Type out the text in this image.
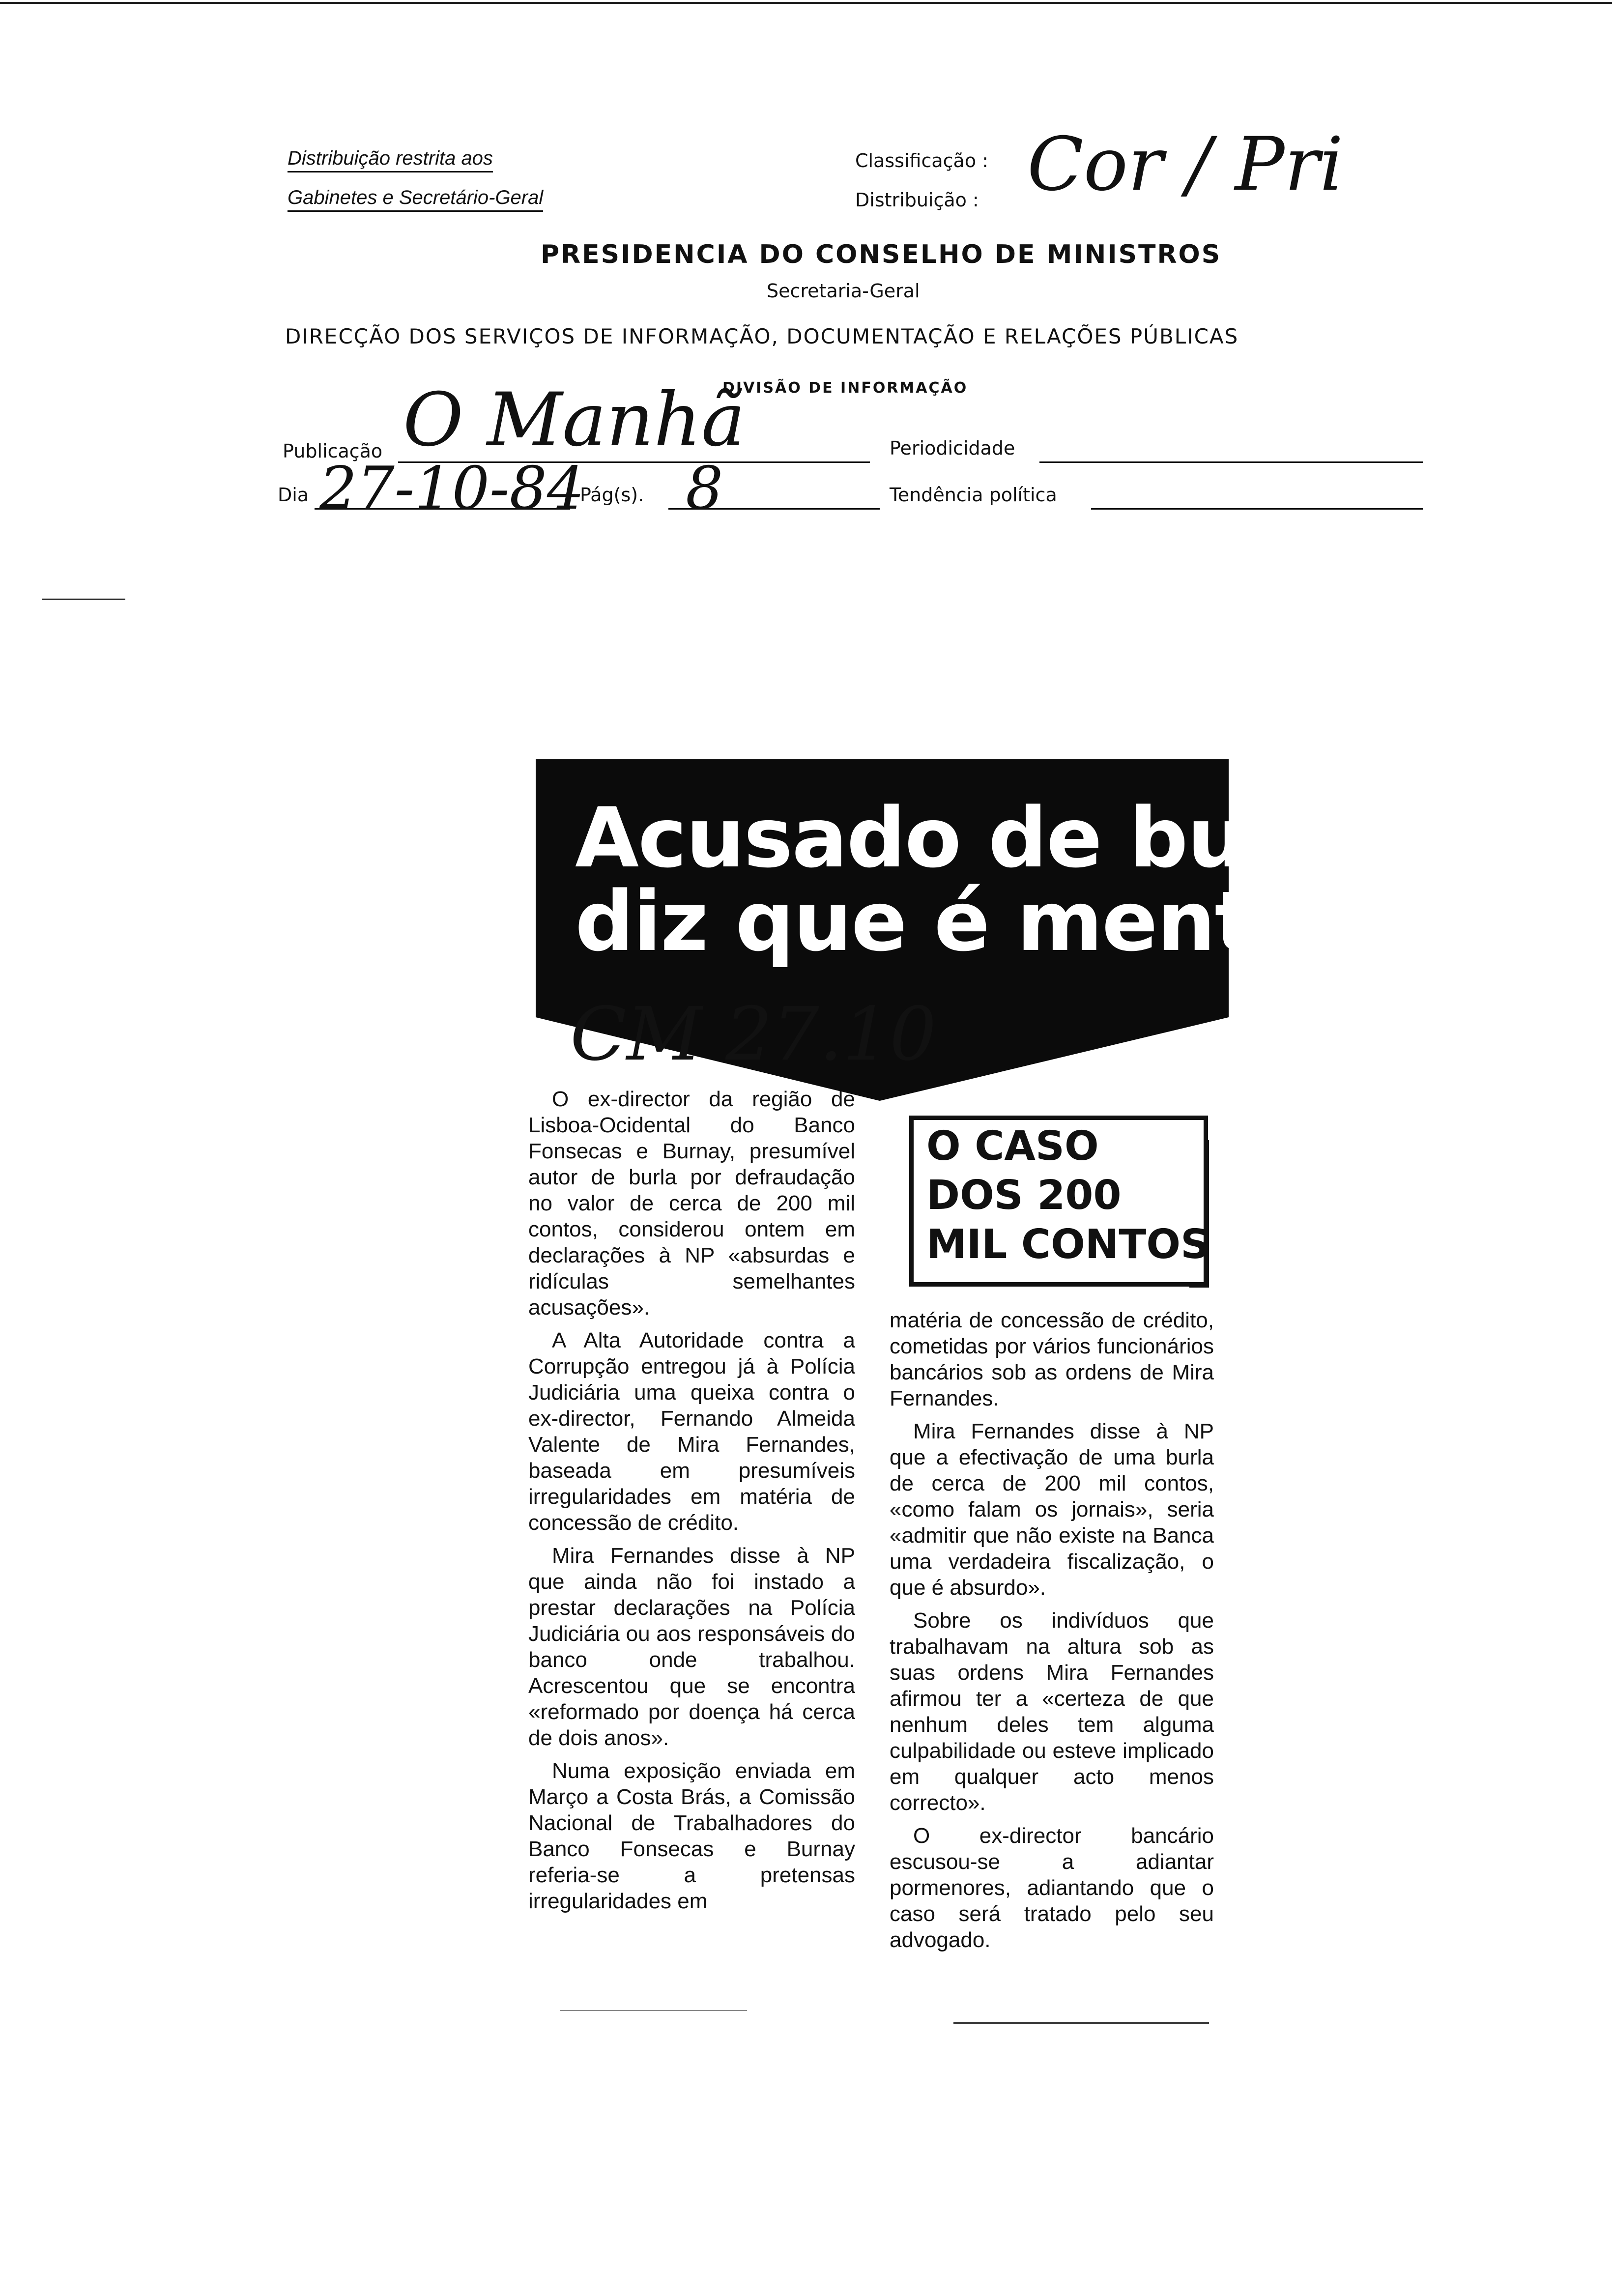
Distribuição restrita aos
Gabinetes e Secretário-Geral
Classificação :
Distribuição : Cor / Pri
PRESIDENCIA DO CONSELHO DE MINISTROS
Secretaria-Geral
DIRECÇÃO DOS SERVIÇOS DE INFORMAÇÃO, DOCUMENTAÇÃO E RELAÇÕES PÚBLICAS
DIVISÃO DE INFORMAÇÃO
Publicação O Manhã	Periodicidade
Dia 27-10-84
Pág(s). 8	Tendência política
Acusado de burla
diz que é mentira
CM 27.10
O CASO
DOS 200
MIL CONTOS

O ex-director da região de Lisboa-Ocidental do Banco Fonsecas e Burnay, presumível autor de burla por defraudação no valor de cerca de 200 mil contos, considerou ontem em declarações à NP «absurdas e ridículas semelhantes acusações».

A Alta Autoridade contra a Corrupção entregou já à Polícia Judiciária uma queixa contra o ex-director, Fernando Almeida Valente de Mira Fernandes, baseada em presumíveis irregularidades em matéria de concessão de crédito.

Mira Fernandes disse à NP que ainda não foi instado a prestar declarações na Polícia Judiciária ou aos responsáveis do banco onde trabalhou. Acrescentou que se encontra «reformado por doença há cerca de dois anos».

Numa exposição enviada em Março a Costa Brás, a Comissão Nacional de Trabalhadores do Banco Fonsecas e Burnay referia-se a pretensas irregularidades em

matéria de concessão de crédito, cometidas por vários funcionários bancários sob as ordens de Mira Fernandes.

Mira Fernandes disse à NP que a efectivação de uma burla de cerca de 200 mil contos, «como falam os jornais», seria «admitir que não existe na Banca uma verdadeira fiscalização, o que é absurdo».

Sobre os indivíduos que trabalhavam na altura sob as suas ordens Mira Fernandes afirmou ter a «certeza de que nenhum deles tem alguma culpabilidade ou esteve implicado em qualquer acto menos correcto».

O ex-director bancário escusou-se a adiantar pormenores, adiantando que o caso será tratado pelo seu advogado.
